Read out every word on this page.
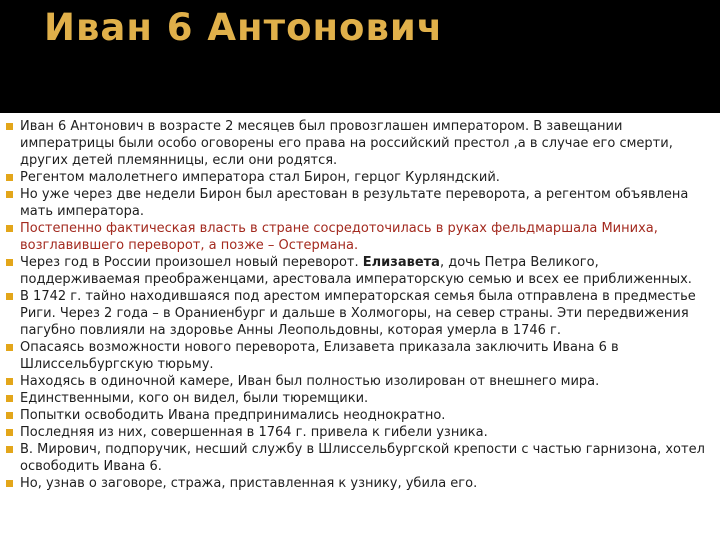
Иван 6 Антонович
Иван 6 Антонович в возрасте 2 месяцев был провозглашен императором. В завещании императрицы были особо оговорены его права на российский престол ,а в случае его смерти, других детей племянницы, если они родятся.
Регентом малолетнего императора стал Бирон, герцог Курляндский.
Но уже через две недели Бирон был арестован в результате переворота, а регентом объявлена мать императора.
Постепенно фактическая власть в стране сосредоточилась в руках фельдмаршала Миниха, возглавившего переворот, а позже – Остермана.
Через год в России произошел новый переворот. Елизавета, дочь Петра Великого, поддерживаемая преображенцами, арестовала императорскую семью и всех ее приближенных.
В 1742 г. тайно находившаяся под арестом императорская семья была отправлена в предместье Риги. Через 2 года – в Ораниенбург и дальше в Холмогоры, на север страны. Эти передвижения пагубно повлияли на здоровье Анны Леопольдовны, которая умерла в 1746 г.
Опасаясь возможности нового переворота, Елизавета приказала заключить Ивана 6 в Шлиссельбургскую тюрьму.
Находясь в одиночной камере, Иван был полностью изолирован от внешнего мира.
Единственными, кого он видел, были тюремщики.
Попытки освободить Ивана предпринимались неоднократно.
Последняя из них, совершенная в 1764 г. привела к гибели узника.
В. Мирович, подпоручик, несший службу в Шлиссельбургской крепости с частью гарнизона, хотел освободить Ивана 6.
Но, узнав о заговоре, стража, приставленная к узнику, убила его.
